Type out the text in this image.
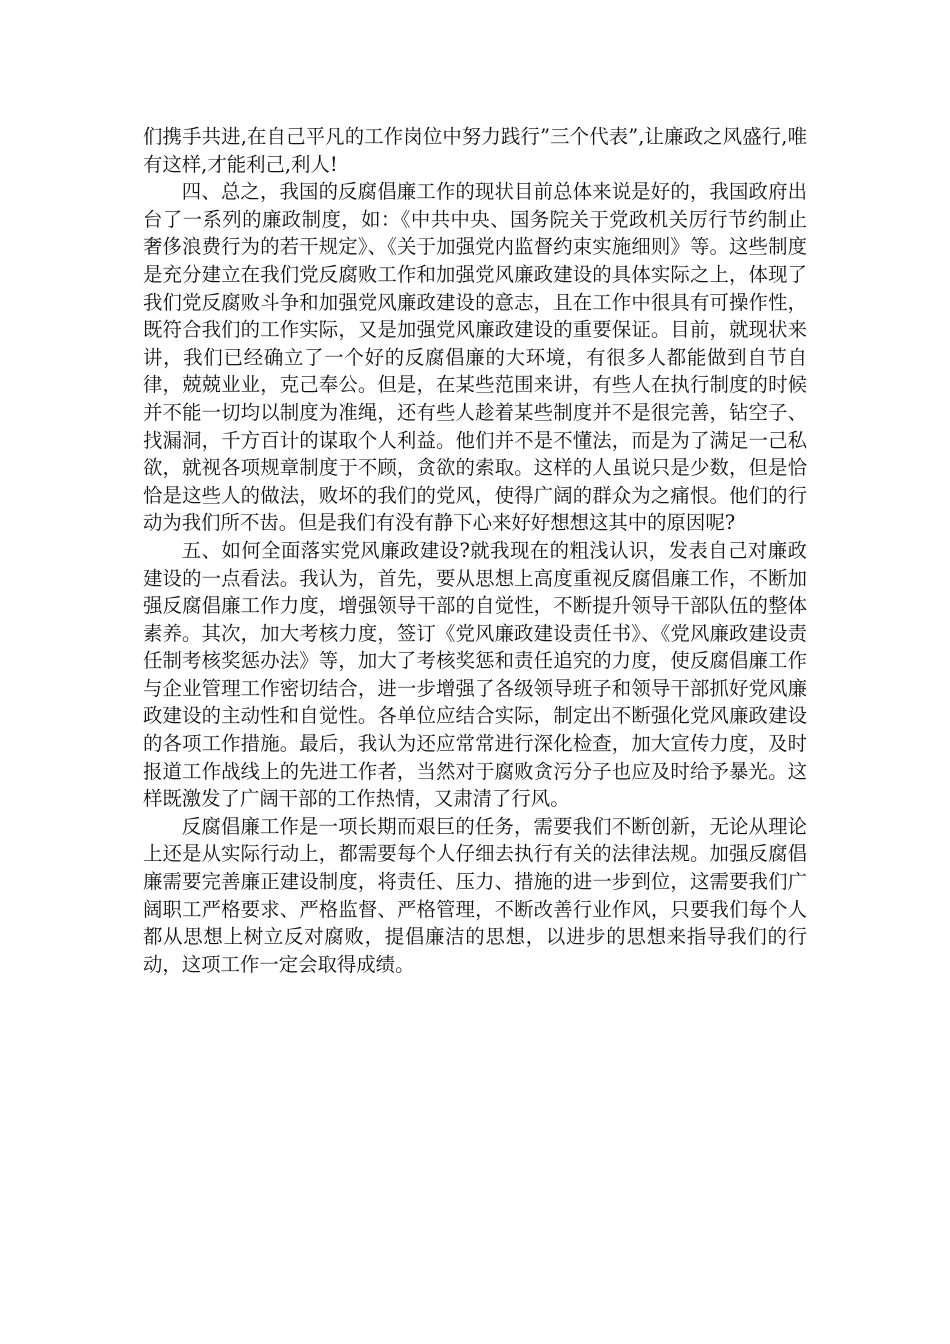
们携手共进,在自己平凡的工作岗位中努力践行”三个代表”,让廉政之风盛行,唯有这样,才能利己,利人!

四、总之，我国的反腐倡廉工作的现状目前总体来说是好的，我国政府出台了一系列的廉政制度，如：《中共中央、国务院关于党政机关厉行节约制止奢侈浪费行为的若干规定》、《关于加强党内监督约束实施细则》等。这些制度是充分建立在我们党反腐败工作和加强党风廉政建设的具体实际之上，体现了我们党反腐败斗争和加强党风廉政建设的意志，且在工作中很具有可操作性，既符合我们的工作实际，又是加强党风廉政建设的重要保证。目前，就现状来讲，我们已经确立了一个好的反腐倡廉的大环境，有很多人都能做到自节自律，兢兢业业，克己奉公。但是，在某些范围来讲，有些人在执行制度的时候并不能一切均以制度为准绳，还有些人趁着某些制度并不是很完善，钻空子、找漏洞，千方百计的谋取个人利益。他们并不是不懂法，而是为了满足一己私欲，就视各项规章制度于不顾，贪欲的索取。这样的人虽说只是少数，但是恰恰是这些人的做法，败坏的我们的党风，使得广阔的群众为之痛恨。他们的行动为我们所不齿。但是我们有没有静下心来好好想想这其中的原因呢?

五、如何全面落实党风廉政建设?就我现在的粗浅认识，发表自己对廉政建设的一点看法。我认为，首先，要从思想上高度重视反腐倡廉工作，不断加强反腐倡廉工作力度，增强领导干部的自觉性，不断提升领导干部队伍的整体素养。其次，加大考核力度，签订《党风廉政建设责任书》、《党风廉政建设责任制考核奖惩办法》等，加大了考核奖惩和责任追究的力度，使反腐倡廉工作与企业管理工作密切结合，进一步增强了各级领导班子和领导干部抓好党风廉政建设的主动性和自觉性。各单位应结合实际，制定出不断强化党风廉政建设的各项工作措施。最后，我认为还应常常进行深化检查，加大宣传力度，及时报道工作战线上的先进工作者，当然对于腐败贪污分子也应及时给予暴光。这样既激发了广阔干部的工作热情，又肃清了行风。

反腐倡廉工作是一项长期而艰巨的任务，需要我们不断创新，无论从理论上还是从实际行动上，都需要每个人仔细去执行有关的法律法规。加强反腐倡廉需要完善廉正建设制度，将责任、压力、措施的进一步到位，这需要我们广阔职工严格要求、严格监督、严格管理，不断改善行业作风，只要我们每个人都从思想上树立反对腐败，提倡廉洁的思想，以进步的思想来指导我们的行动，这项工作一定会取得成绩。
